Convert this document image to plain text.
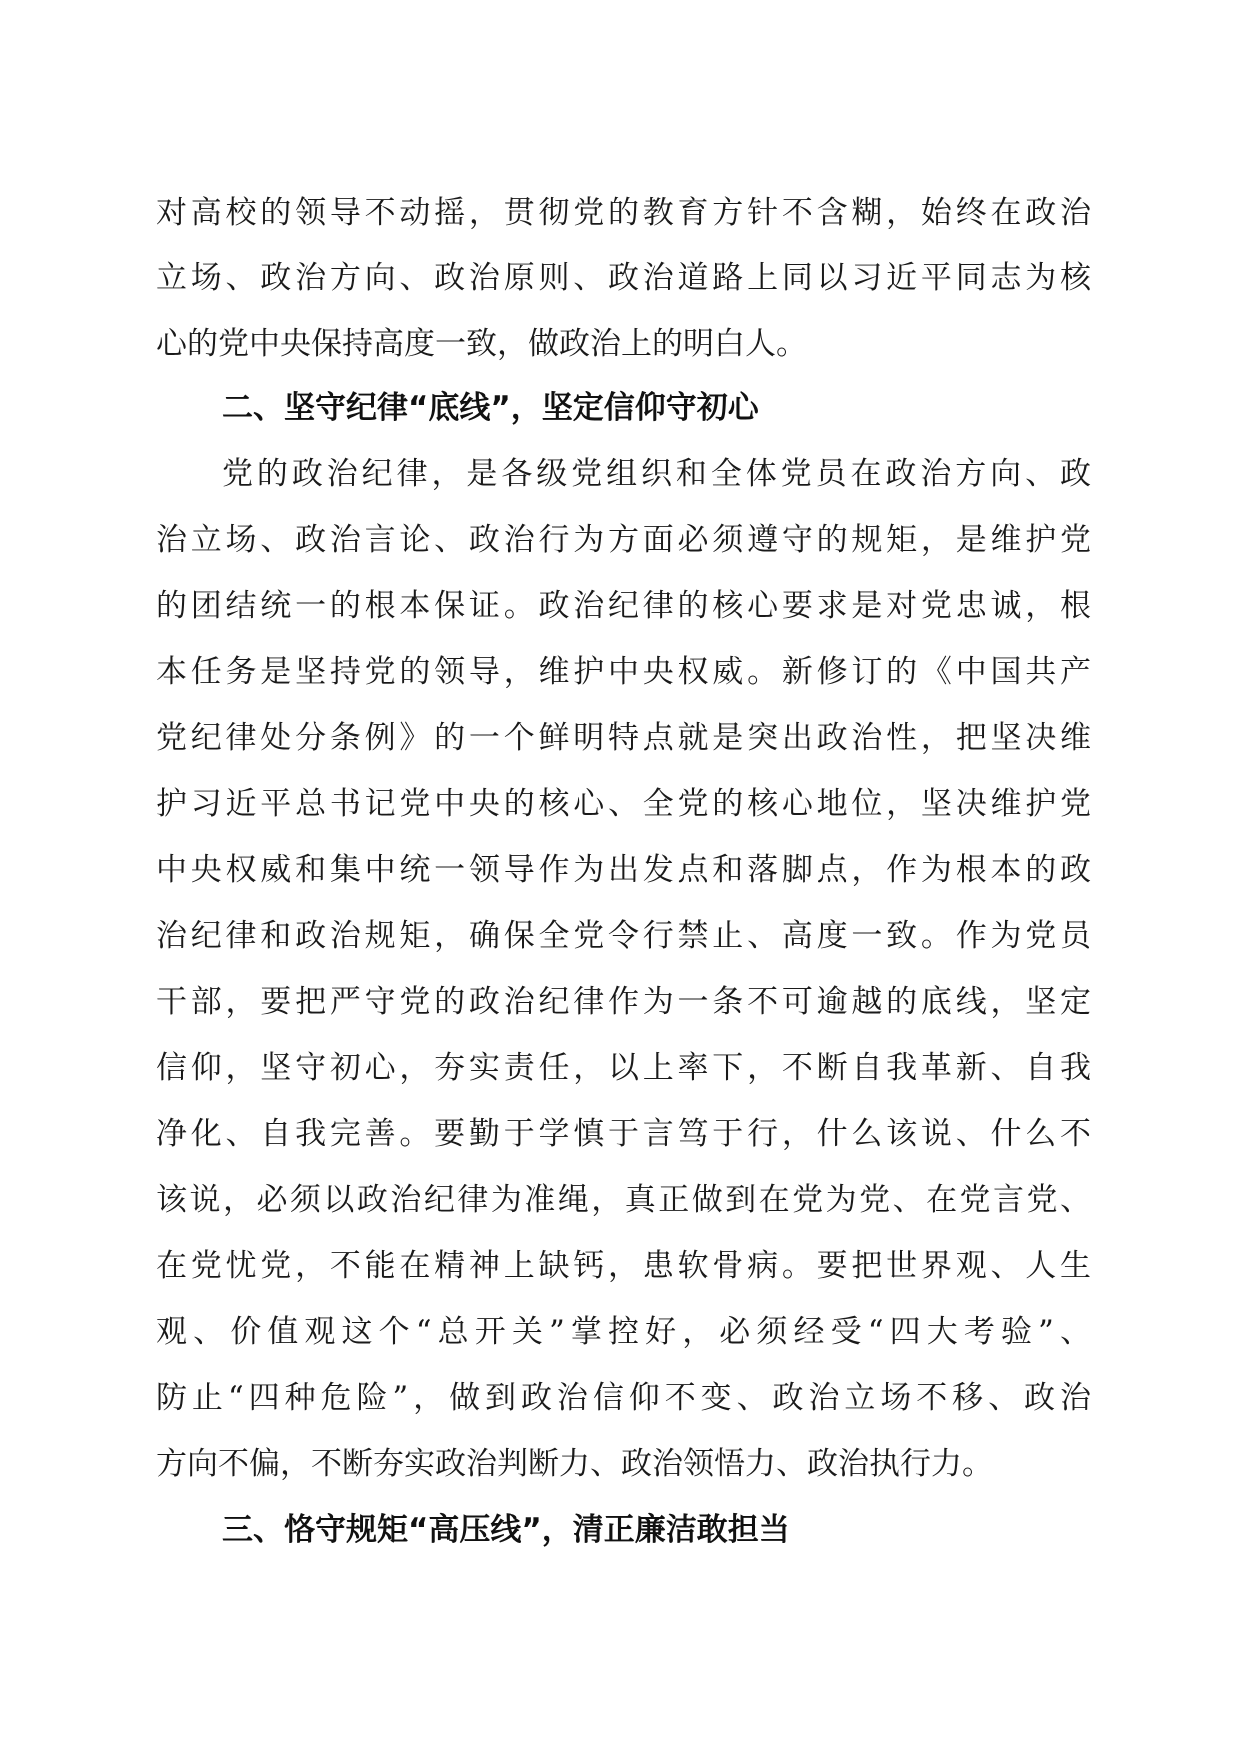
对高校的领导不动摇，贯彻党的教育方针不含糊，始终在政治
立场、政治方向、政治原则、政治道路上同以习近平同志为核
心的党中央保持高度一致，做政治上的明白人。
二、坚守纪律“底线”，坚定信仰守初心
党的政治纪律，是各级党组织和全体党员在政治方向、政
治立场、政治言论、政治行为方面必须遵守的规矩，是维护党
的团结统一的根本保证。政治纪律的核心要求是对党忠诚，根
本任务是坚持党的领导，维护中央权威。新修订的《中国共产
党纪律处分条例》的一个鲜明特点就是突出政治性，把坚决维
护习近平总书记党中央的核心、全党的核心地位，坚决维护党
中央权威和集中统一领导作为出发点和落脚点，作为根本的政
治纪律和政治规矩，确保全党令行禁止、高度一致。作为党员
干部，要把严守党的政治纪律作为一条不可逾越的底线，坚定
信仰，坚守初心，夯实责任，以上率下，不断自我革新、自我
净化、自我完善。要勤于学慎于言笃于行，什么该说、什么不
该说，必须以政治纪律为准绳，真正做到在党为党、在党言党、
在党忧党，不能在精神上缺钙，患软骨病。要把世界观、人生
观、价值观这个“总开关”掌控好，必须经受“四大考验”、
防止“四种危险”，做到政治信仰不变、政治立场不移、政治
方向不偏，不断夯实政治判断力、政治领悟力、政治执行力。
三、恪守规矩“高压线”，清正廉洁敢担当
